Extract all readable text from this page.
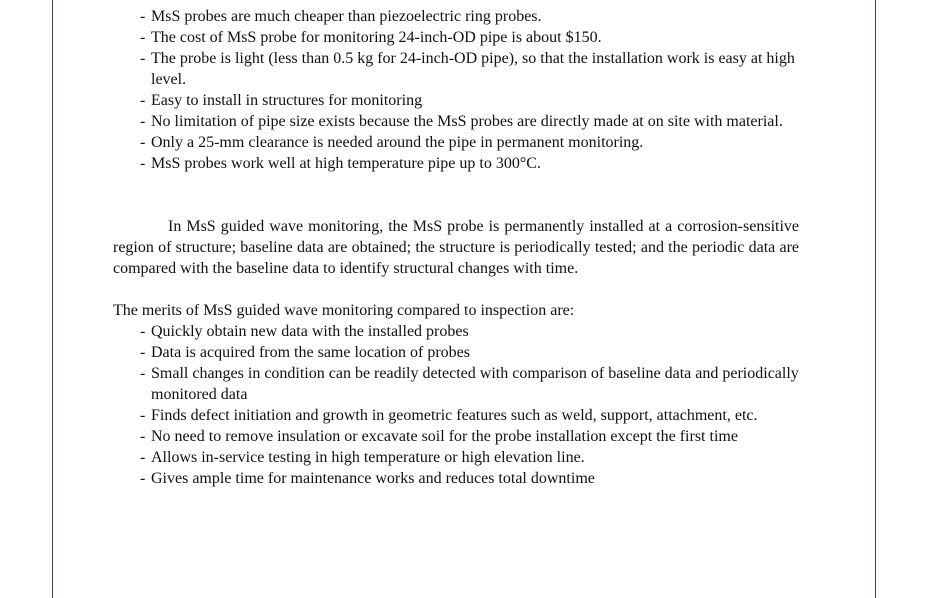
- MsS probes are much cheaper than piezoelectric ring probes.
- The cost of MsS probe for monitoring 24-inch-OD pipe is about $150.
- The probe is light (less than 0.5 kg for 24-inch-OD pipe), so that the installation work is easy at high level.
- Easy to install in structures for monitoring
- No limitation of pipe size exists because the MsS probes are directly made at on site with material.
- Only a 25-mm clearance is needed around the pipe in permanent monitoring.
- MsS probes work well at high temperature pipe up to 300°C.

In MsS guided wave monitoring, the MsS probe is permanently installed at a corrosion-sensitive region of structure; baseline data are obtained; the structure is periodically tested; and the periodic data are compared with the baseline data to identify structural changes with time.

The merits of MsS guided wave monitoring compared to inspection are:

- Quickly obtain new data with the installed probes
- Data is acquired from the same location of probes
- Small changes in condition can be readily detected with comparison of baseline data and periodically monitored data
- Finds defect initiation and growth in geometric features such as weld, support, attachment, etc.
- No need to remove insulation or excavate soil for the probe installation except the first time
- Allows in-service testing in high temperature or high elevation line.
- Gives ample time for maintenance works and reduces total downtime
